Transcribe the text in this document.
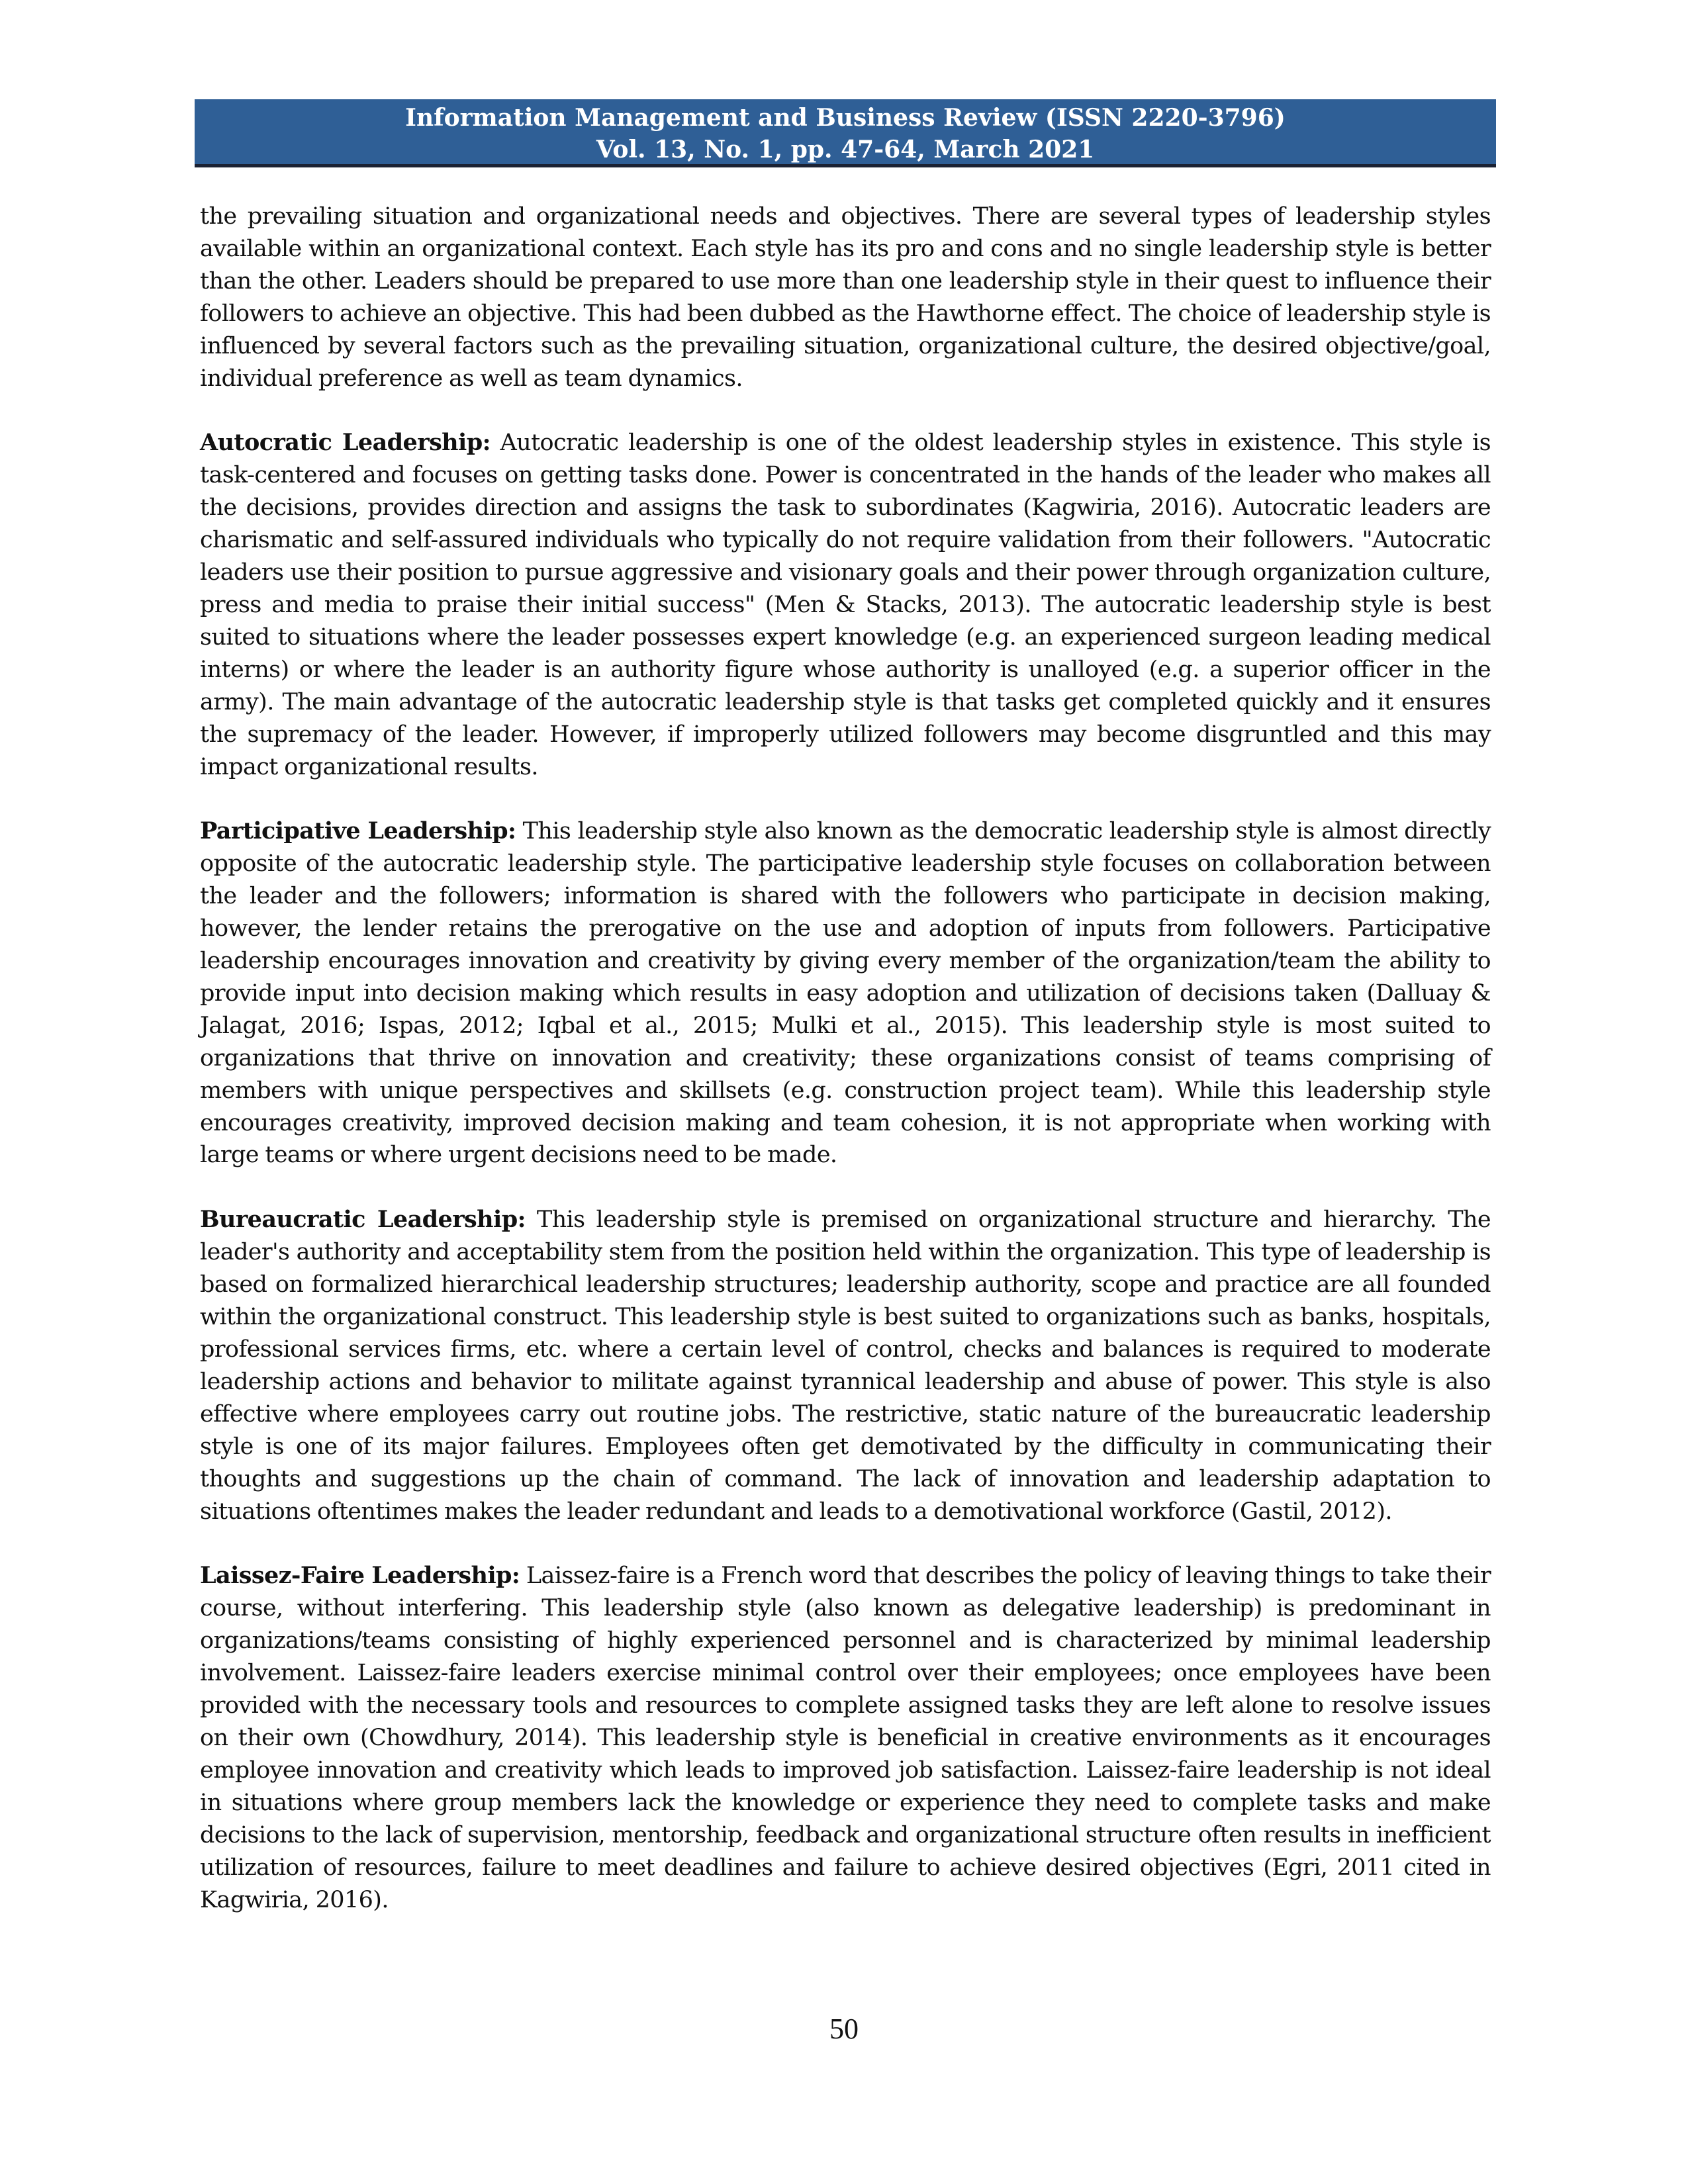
Information Management and Business Review (ISSN 2220-3796)
Vol. 13, No. 1, pp. 47-64, March 2021

the prevailing situation and organizational needs and objectives. There are several types of leadership styles available within an organizational context. Each style has its pro and cons and no single leadership style is better than the other. Leaders should be prepared to use more than one leadership style in their quest to influence their followers to achieve an objective. This had been dubbed as the Hawthorne effect. The choice of leadership style is influenced by several factors such as the prevailing situation, organizational culture, the desired objective/goal, individual preference as well as team dynamics.

Autocratic Leadership: Autocratic leadership is one of the oldest leadership styles in existence. This style is task-centered and focuses on getting tasks done. Power is concentrated in the hands of the leader who makes all the decisions, provides direction and assigns the task to subordinates (Kagwiria, 2016). Autocratic leaders are charismatic and self-assured individuals who typically do not require validation from their followers. "Autocratic leaders use their position to pursue aggressive and visionary goals and their power through organization culture, press and media to praise their initial success" (Men & Stacks, 2013). The autocratic leadership style is best suited to situations where the leader possesses expert knowledge (e.g. an experienced surgeon leading medical interns) or where the leader is an authority figure whose authority is unalloyed (e.g. a superior officer in the army). The main advantage of the autocratic leadership style is that tasks get completed quickly and it ensures the supremacy of the leader. However, if improperly utilized followers may become disgruntled and this may impact organizational results.

Participative Leadership: This leadership style also known as the democratic leadership style is almost directly opposite of the autocratic leadership style. The participative leadership style focuses on collaboration between the leader and the followers; information is shared with the followers who participate in decision making, however, the lender retains the prerogative on the use and adoption of inputs from followers. Participative leadership encourages innovation and creativity by giving every member of the organization/team the ability to provide input into decision making which results in easy adoption and utilization of decisions taken (Dalluay & Jalagat, 2016; Ispas, 2012; Iqbal et al., 2015; Mulki et al., 2015). This leadership style is most suited to organizations that thrive on innovation and creativity; these organizations consist of teams comprising of members with unique perspectives and skillsets (e.g. construction project team). While this leadership style encourages creativity, improved decision making and team cohesion, it is not appropriate when working with large teams or where urgent decisions need to be made.

Bureaucratic Leadership: This leadership style is premised on organizational structure and hierarchy. The leader's authority and acceptability stem from the position held within the organization. This type of leadership is based on formalized hierarchical leadership structures; leadership authority, scope and practice are all founded within the organizational construct. This leadership style is best suited to organizations such as banks, hospitals, professional services firms, etc. where a certain level of control, checks and balances is required to moderate leadership actions and behavior to militate against tyrannical leadership and abuse of power. This style is also effective where employees carry out routine jobs. The restrictive, static nature of the bureaucratic leadership style is one of its major failures. Employees often get demotivated by the difficulty in communicating their thoughts and suggestions up the chain of command. The lack of innovation and leadership adaptation to situations oftentimes makes the leader redundant and leads to a demotivational workforce (Gastil, 2012).

Laissez-Faire Leadership: Laissez-faire is a French word that describes the policy of leaving things to take their course, without interfering. This leadership style (also known as delegative leadership) is predominant in organizations/teams consisting of highly experienced personnel and is characterized by minimal leadership involvement. Laissez-faire leaders exercise minimal control over their employees; once employees have been provided with the necessary tools and resources to complete assigned tasks they are left alone to resolve issues on their own (Chowdhury, 2014). This leadership style is beneficial in creative environments as it encourages employee innovation and creativity which leads to improved job satisfaction. Laissez-faire leadership is not ideal in situations where group members lack the knowledge or experience they need to complete tasks and make decisions to the lack of supervision, mentorship, feedback and organizational structure often results in inefficient utilization of resources, failure to meet deadlines and failure to achieve desired objectives (Egri, 2011 cited in Kagwiria, 2016).

50
